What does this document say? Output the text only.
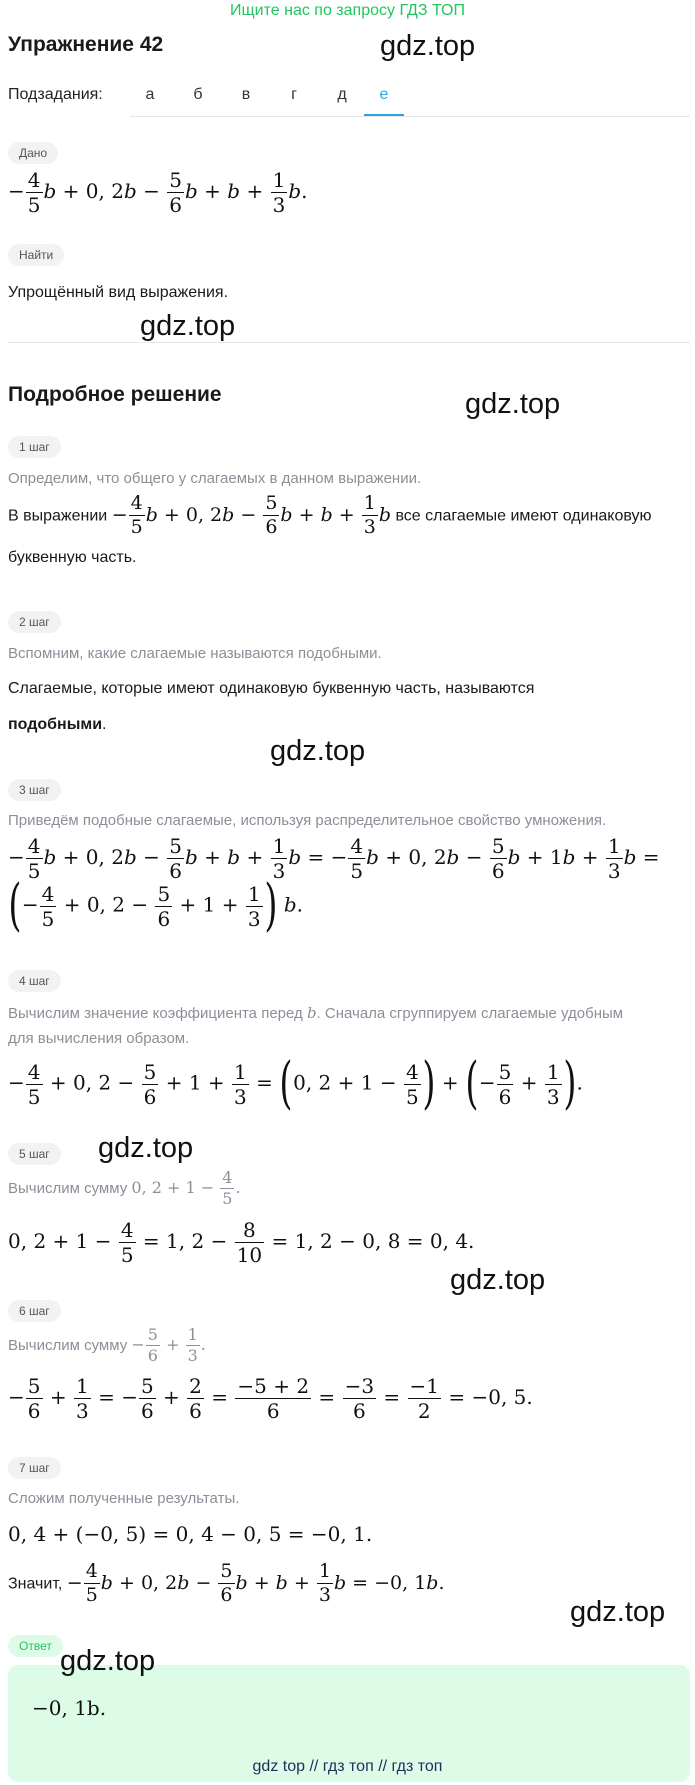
Ищите нас по запросу ГДЗ ТОП
Упражнение 42	gdz.top
Подзадания:	а	б	в	г	д	е
Дано
− $\frac{4}{5}$ b + 0, $2b - \frac{5}{6}$ $b + b + \frac{1}{3} b$.
Найти
Упрощённый вид выражения.
gdz.top
Подробное решение	gdz.top
1 шаг
Определим, что общего у слагаемых в данном выражении.
В выражении − $\frac{4}{5}$ b + 0, $2b - \frac{5}{6}$ $b + b + \frac{1}{3}$ b все слагаемые имеют одинаковую
буквенную часть.
2 шаг
Вспомним, какие слагаемые называются подобными.
Слагаемые, которые имеют одинаковую буквенную часть, называются
подобными.
gdz.top
3 шаг
Приведём подобные слагаемые, используя распределительное свойство умножения.
− $\frac{4}{5}$ b + 0, $2b - \frac{5}{6}$ $b + b + \frac{1}{3}$ b = − $\frac{4}{5}$ b + 0, $2b - \frac{5}{6}$ $b + 1b + \frac{1}{3}$ b =
(− $\frac{4}{5} + 0$, $2 - \frac{5}{6} + 1 + \frac{1}{3}$ ) b.
4 шаг
Вычислим значение коэффициента перед b. Сначала сгруппируем слагаемые удобным
для вычисления образом.
− $\frac{4}{5} + 0$, $2 - \frac{5}{6} + 1 + \frac{1}{3} = (0$, $2 + 1 - \frac{4}{5}$ ) + (− $\frac{5}{6} + \frac{1}{3}$ ).
5 шаг	gdz.top
Вычислим сумму 0, $2 + 1 - \frac{4}{5}$ .
0, $2 + 1 - \frac{4}{5} = 1$, $2 - \frac{8}{10} = 1$, 2 − 0, 8 = 0, 4.
gdz.top
6 шаг
Вычислим сумму − $\frac{5}{6} + \frac{1}{3}$ .
− $\frac{5}{6} + \frac{1}{3}$ = − $\frac{5}{6} + \frac{2}{6} = \frac{-5 + 2}{6} = \frac{-3}{6} = \frac{-1}{2} = -0$, 5.
7 шаг
Сложим полученные результаты.
0, 4 + (−0, 5) = 0, 4 − 0, 5 = −0, 1.
Значит, − $\frac{4}{5}$ b + 0, $2b - \frac{5}{6}$ $b + b + \frac{1}{3}$ b = −0, 1b.
gdz.top
Ответ gdz.top
−0, 1b.
gdz top // гдз топ // гдз топ
